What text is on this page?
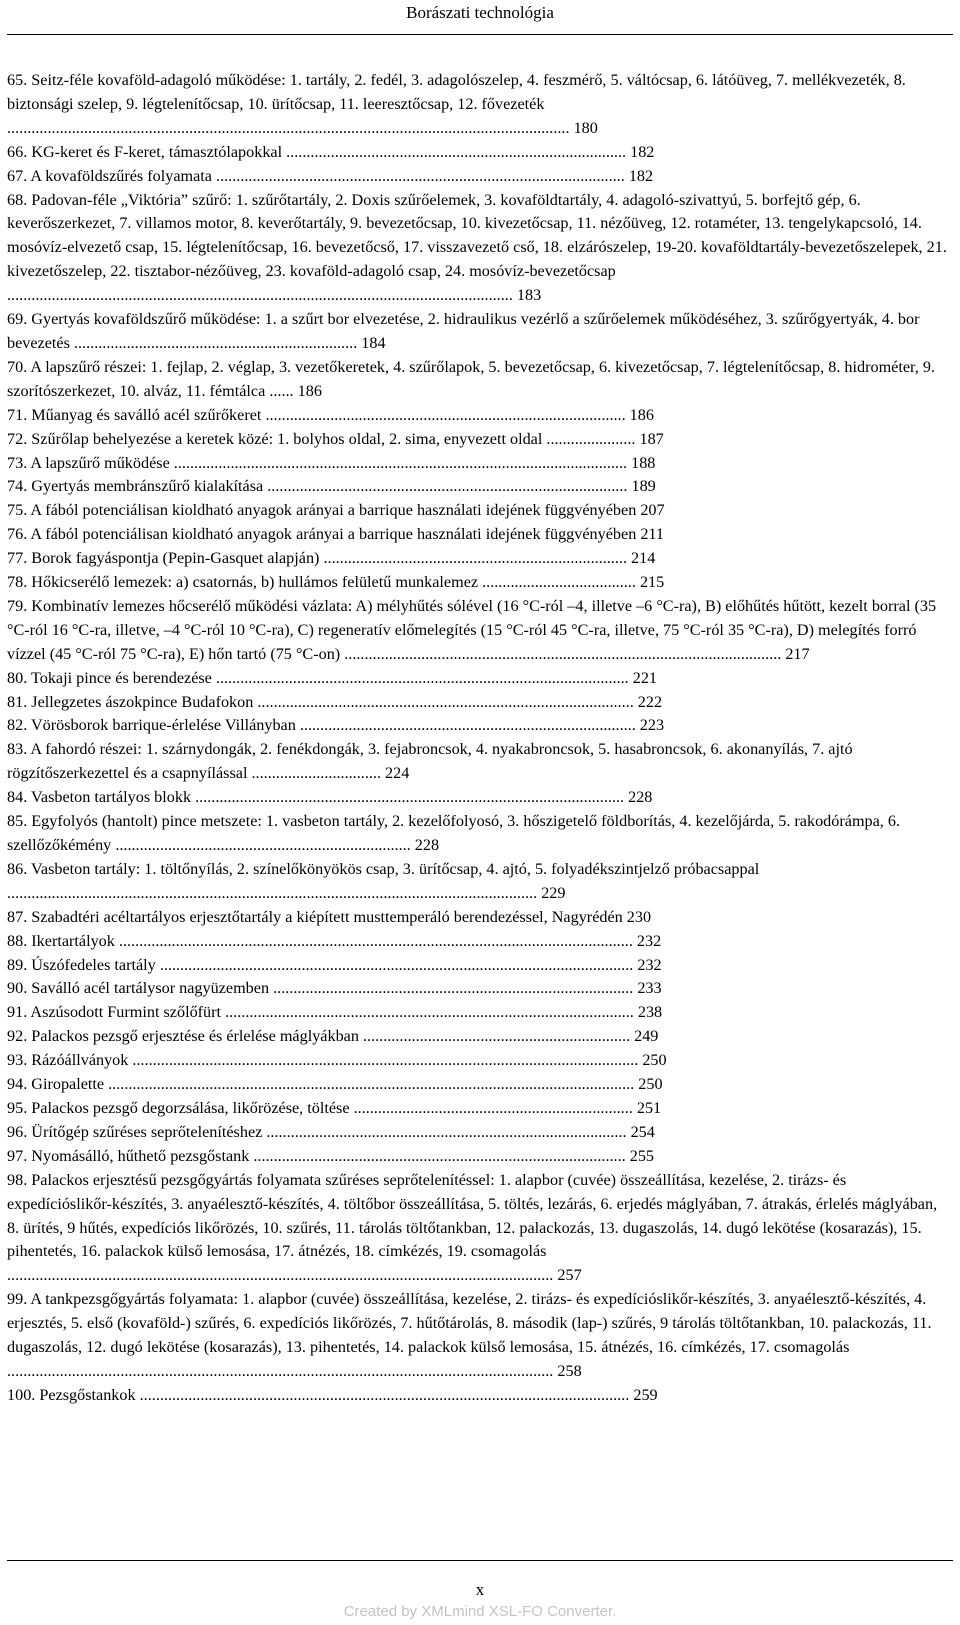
Borászati technológia

65. Seitz-féle kovaföld-adagoló működése: 1. tartály, 2. fedél, 3. adagolószelep, 4. feszmérő, 5. váltócsap, 6. látóüveg, 7. mellékvezeték, 8. biztonsági szelep, 9. légtelenítőcsap, 10. ürítőcsap, 11. leeresztőcsap, 12. fővezeték ........................................................................................................................................... 180

66. KG-keret és F-keret, támasztólapokkal .................................................................................... 182

67. A kovaföldszűrés folyamata ..................................................................................................... 182

68. Padovan-féle „Viktória” szűrő: 1. szűrőtartály, 2. Doxis szűrőelemek, 3. kovaföldtartály, 4. adagoló-szivattyú, 5. borfejtő gép, 6. keverőszerkezet, 7. villamos motor, 8. keverőtartály, 9. bevezetőcsap, 10. kivezetőcsap, 11. nézőüveg, 12. rotaméter, 13. tengelykapcsoló, 14. mosóvíz-elvezető csap, 15. légtelenítőcsap, 16. bevezetőcső, 17. visszavezető cső, 18. elzárószelep, 19-20. kovaföldtartály-bevezetőszelepek, 21. kivezetőszelep, 22. tisztabor-nézőüveg, 23. kovaföld-adagoló csap, 24. mosóvíz-bevezetőcsap ............................................................................................................................. 183

69. Gyertyás kovaföldszűrő működése: 1. a szűrt bor elvezetése, 2. hidraulikus vezérlő a szűrőelemek működéséhez, 3. szűrőgyertyák, 4. bor bevezetés ...................................................................... 184

70. A lapszűrő részei: 1. fejlap, 2. véglap, 3. vezetőkeretek, 4. szűrőlapok, 5. bevezetőcsap, 6. kivezetőcsap, 7. légtelenítőcsap, 8. hidrométer, 9. szorítószerkezet, 10. alváz, 11. fémtálca ...... 186

71. Műanyag és saválló acél szűrőkeret ......................................................................................... 186

72. Szűrőlap behelyezése a keretek közé: 1. bolyhos oldal, 2. sima, enyvezett oldal ...................... 187

73. A lapszűrő működése ................................................................................................................ 188

74. Gyertyás membránszűrő kialakítása ......................................................................................... 189

75. A fából potenciálisan kioldható anyagok arányai a barrique használati idejének függvényében 207

76. A fából potenciálisan kioldható anyagok arányai a barrique használati idejének függvényében 211

77. Borok fagyáspontja (Pepin-Gasquet alapján) ........................................................................... 214

78. Hőkicserélő lemezek: a) csatornás, b) hullámos felületű munkalemez ...................................... 215

79. Kombinatív lemezes hőcserélő működési vázlata: A) mélyhűtés sólével (16 °C-ról –4, illetve –6 °C-ra), B) előhűtés hűtött, kezelt borral (35 °C-ról 16 °C-ra, illetve, –4 °C-ról 10 °C-ra), C) regeneratív előmelegítés (15 °C-ról 45 °C-ra, illetve, 75 °C-ról 35 °C-ra), D) melegítés forró vízzel (45 °C-ról 75 °C-ra), E) hőn tartó (75 °C-on) ............................................................................................................ 217

80. Tokaji pince és berendezése ...................................................................................................... 221

81. Jellegzetes ászokpince Budafokon ............................................................................................. 222

82. Vörösborok barrique-érlelése Villányban ................................................................................... 223

83. A fahordó részei: 1. szárnydongák, 2. fenékdongák, 3. fejabroncsok, 4. nyakabroncsok, 5. hasabroncsok, 6. akonanyílás, 7. ajtó rögzítőszerkezettel és a csapnyílással ................................ 224

84. Vasbeton tartályos blokk .......................................................................................................... 228

85. Egyfolyós (hantolt) pince metszete: 1. vasbeton tartály, 2. kezelőfolyosó, 3. hőszigetelő földborítás, 4. kezelőjárda, 5. rakodórámpa, 6. szellőzőkémény ......................................................................... 228

86. Vasbeton tartály: 1. töltőnyílás, 2. színelőkönyökös csap, 3. ürítőcsap, 4. ajtó, 5. folyadékszintjelző próbacsappal ................................................................................................................................... 229

87. Szabadtéri acéltartályos erjesztőtartály a kiépített musttemperáló berendezéssel, Nagyrédén 230

88. Ikertartályok ............................................................................................................................... 232

89. Úszófedeles tartály ..................................................................................................................... 232

90. Saválló acél tartálysor nagyüzemben ......................................................................................... 233

91. Aszúsodott Furmint szőlőfürt ..................................................................................................... 238

92. Palackos pezsgő erjesztése és érlelése máglyákban .................................................................. 249

93. Rázóállványok ............................................................................................................................. 250

94. Giropalette .................................................................................................................................. 250

95. Palackos pezsgő degorzsálása, likőrözése, töltése ..................................................................... 251

96. Ürítőgép szűréses seprőtelenítéshez ......................................................................................... 254

97. Nyomásálló, hűthető pezsgőstank ............................................................................................ 255

98. Palackos erjesztésű pezsgőgyártás folyamata szűréses seprőtelenítéssel: 1. alapbor (cuvée) összeállítása, kezelése, 2. tirázs- és expedícióslikőr-készítés, 3. anyaélesztő-készítés, 4. töltőbor összeállítása, 5. töltés, lezárás, 6. erjedés máglyában, 7. átrakás, érlelés máglyában, 8. ürítés, 9 hűtés, expedíciós likőrözés, 10. szűrés, 11. tárolás töltőtankban, 12. palackozás, 13. dugaszolás, 14. dugó lekötése (kosarazás), 15. pihentetés, 16. palackok külső lemosása, 17. átnézés, 18. címkézés, 19. csomagolás ....................................................................................................................................... 257

99. A tankpezsgőgyártás folyamata: 1. alapbor (cuvée) összeállítása, kezelése, 2. tirázs- és expedícióslikőr-készítés, 3. anyaélesztő-készítés, 4. erjesztés, 5. első (kovaföld-) szűrés, 6. expedíciós likőrözés, 7. hűtőtárolás, 8. második (lap-) szűrés, 9 tárolás töltőtankban, 10. palackozás, 11. dugaszolás, 12. dugó lekötése (kosarazás), 13. pihentetés, 14. palackok külső lemosása, 15. átnézés, 16. címkézés, 17. csomagolás ....................................................................................................................................... 258

100. Pezsgőstankok ......................................................................................................................... 259

x
Created by XMLmind XSL-FO Converter.
